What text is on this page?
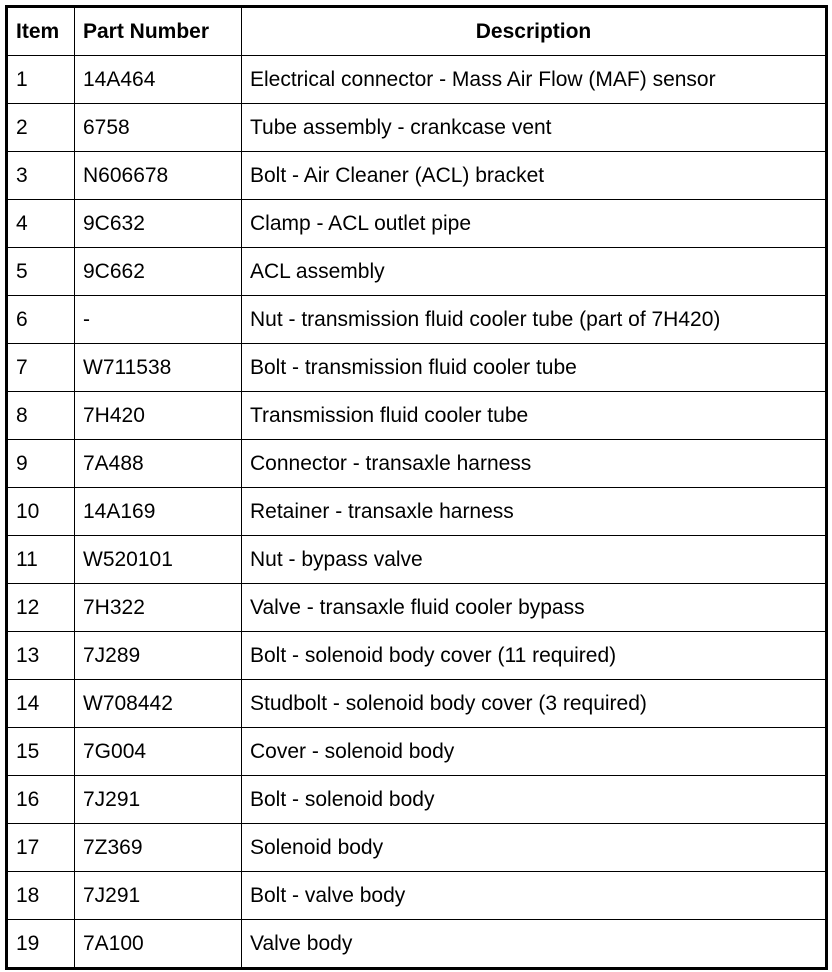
Item	Part Number	Description
1	14A464	Electrical connector - Mass Air Flow (MAF) sensor
2	6758	Tube assembly - crankcase vent
3	N606678	Bolt - Air Cleaner (ACL) bracket
4	9C632	Clamp - ACL outlet pipe
5	9C662	ACL assembly
6	-	Nut - transmission fluid cooler tube (part of 7H420)
7	W711538	Bolt - transmission fluid cooler tube
8	7H420	Transmission fluid cooler tube
9	7A488	Connector - transaxle harness
10	14A169	Retainer - transaxle harness
11	W520101	Nut - bypass valve
12	7H322	Valve - transaxle fluid cooler bypass
13	7J289	Bolt - solenoid body cover (11 required)
14	W708442	Studbolt - solenoid body cover (3 required)
15	7G004	Cover - solenoid body
16	7J291	Bolt - solenoid body
17	7Z369	Solenoid body
18	7J291	Bolt - valve body
19	7A100	Valve body
